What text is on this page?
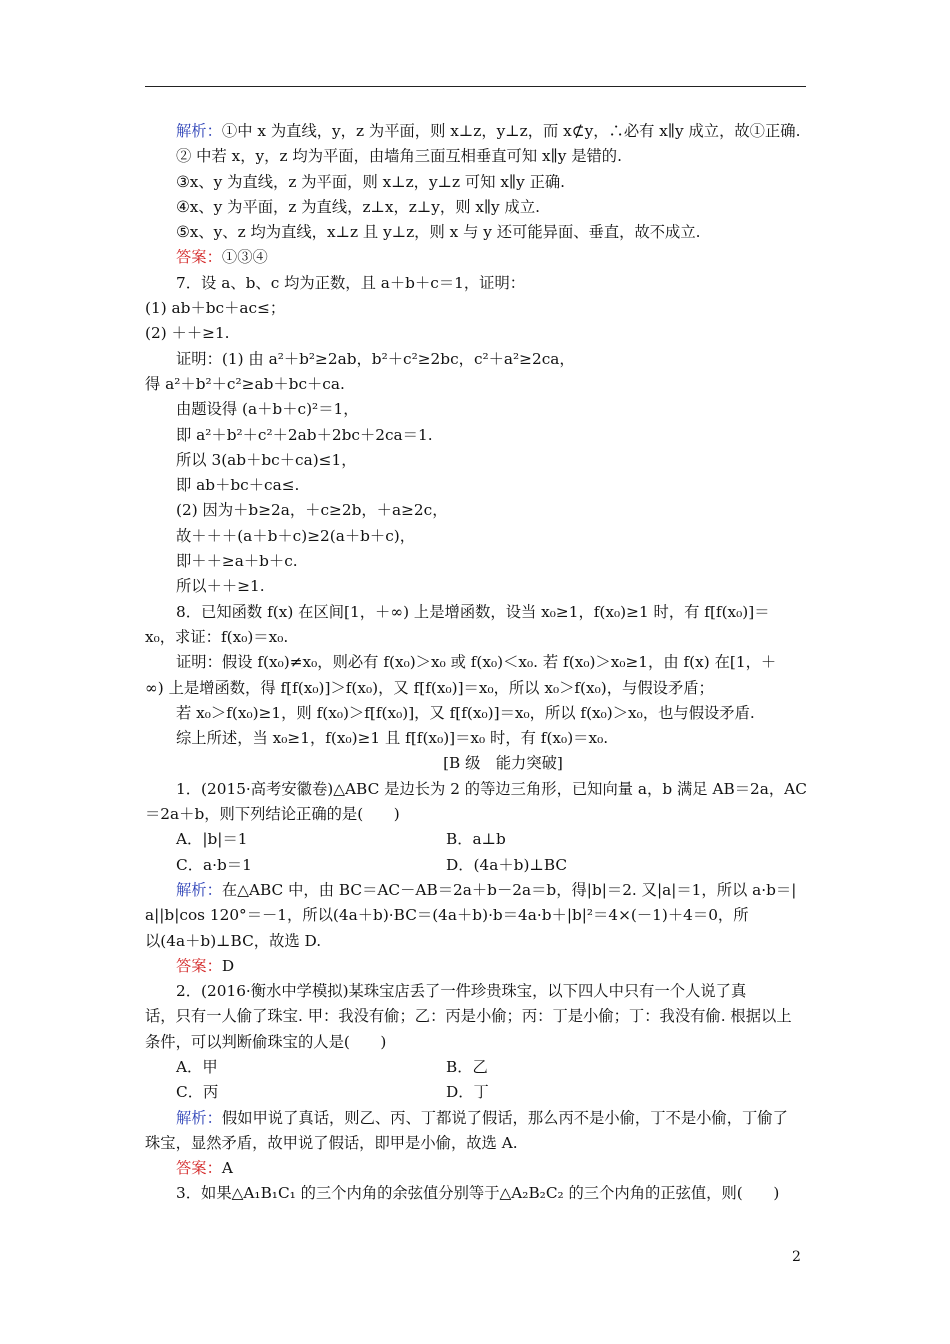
解析：①中 x 为直线，y，z 为平面，则 x⊥z，y⊥z，而 x⊄y，∴必有 x∥y 成立，故①正确.
② 中若 x，y，z 均为平面，由墙角三面互相垂直可知 x∥y 是错的.
③x、y 为直线，z 为平面，则 x⊥z，y⊥z 可知 x∥y 正确.
④x、y 为平面，z 为直线，z⊥x，z⊥y，则 x∥y 成立.
⑤x、y、z 均为直线，x⊥z 且 y⊥z，则 x 与 y 还可能异面、垂直，故不成立.
答案：①③④
7．设 a、b、c 均为正数，且 a＋b＋c＝1，证明：
(1) ab＋bc＋ac≤；
(2) ＋＋≥1.
证明：(1) 由 a²＋b²≥2ab，b²＋c²≥2bc，c²＋a²≥2ca，
得 a²＋b²＋c²≥ab＋bc＋ca.
由题设得 (a＋b＋c)²＝1，
即 a²＋b²＋c²＋2ab＋2bc＋2ca＝1.
所以 3(ab＋bc＋ca)≤1，
即 ab＋bc＋ca≤.
(2) 因为＋b≥2a，＋c≥2b，＋a≥2c，
故＋＋＋(a＋b＋c)≥2(a＋b＋c)，
即＋＋≥a＋b＋c.
所以＋＋≥1.
8．已知函数 f(x) 在区间[1，＋∞) 上是增函数，设当 x₀≥1，f(x₀)≥1 时，有 f[f(x₀)]＝
x₀，求证：f(x₀)＝x₀.
证明：假设 f(x₀)≠x₀，则必有 f(x₀)＞x₀ 或 f(x₀)＜x₀. 若 f(x₀)＞x₀≥1，由 f(x) 在[1，＋
∞) 上是增函数，得 f[f(x₀)]＞f(x₀)，又 f[f(x₀)]＝x₀，所以 x₀＞f(x₀)，与假设矛盾；
若 x₀＞f(x₀)≥1，则 f(x₀)＞f[f(x₀)]，又 f[f(x₀)]＝x₀，所以 f(x₀)＞x₀，也与假设矛盾.
综上所述，当 x₀≥1，f(x₀)≥1 且 f[f(x₀)]＝x₀ 时，有 f(x₀)＝x₀.
[B 级　能力突破]
1．(2015·高考安徽卷)△ABC 是边长为 2 的等边三角形，已知向量 a，b 满足 AB＝2a，AC
＝2a＋b，则下列结论正确的是(　　)
A．|b|＝1	B．a⊥b
C．a·b＝1	D．(4a＋b)⊥BC
解析：在△ABC 中，由 BC＝AC－AB＝2a＋b－2a＝b，得|b|＝2. 又|a|＝1，所以 a·b＝|
a||b|cos 120°＝－1，所以(4a＋b)·BC＝(4a＋b)·b＝4a·b＋|b|²＝4×(－1)＋4＝0，所
以(4a＋b)⊥BC，故选 D.
答案：D
2．(2016·衡水中学模拟)某珠宝店丢了一件珍贵珠宝，以下四人中只有一个人说了真
话，只有一人偷了珠宝. 甲：我没有偷；乙：丙是小偷；丙：丁是小偷；丁：我没有偷. 根据以上
条件，可以判断偷珠宝的人是(　　)
A．甲	B．乙
C．丙	D．丁
解析：假如甲说了真话，则乙、丙、丁都说了假话，那么丙不是小偷，丁不是小偷，丁偷了
珠宝，显然矛盾，故甲说了假话，即甲是小偷，故选 A.
答案：A
3．如果△A₁B₁C₁ 的三个内角的余弦值分别等于△A₂B₂C₂ 的三个内角的正弦值，则(　　)
2
